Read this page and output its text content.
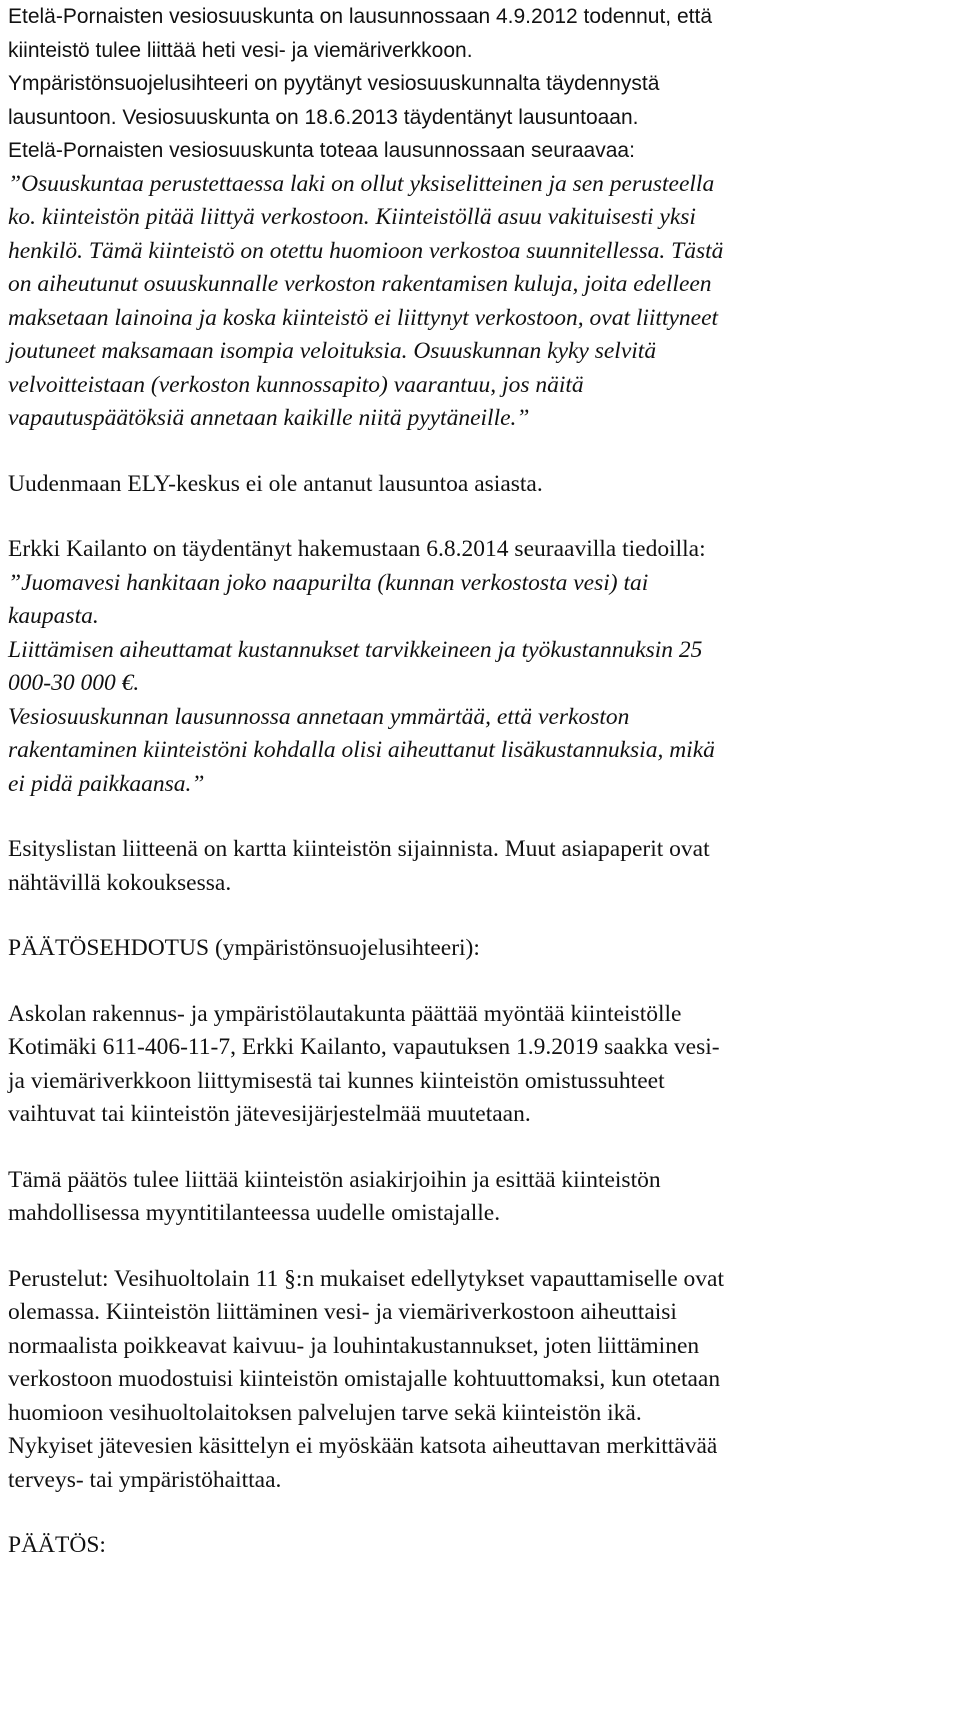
Etelä-Pornaisten vesiosuuskunta on lausunnossaan 4.9.2012 todennut, että
kiinteistö tulee liittää heti vesi- ja viemäriverkkoon.
Ympäristönsuojelusihteeri on pyytänyt vesiosuuskunnalta täydennystä
lausuntoon. Vesiosuuskunta on 18.6.2013 täydentänyt lausuntoaan.
Etelä-Pornaisten vesiosuuskunta toteaa lausunnossaan seuraavaa:
”Osuuskuntaa perustettaessa laki on ollut yksiselitteinen ja sen perusteella
ko. kiinteistön pitää liittyä verkostoon. Kiinteistöllä asuu vakituisesti yksi
henkilö. Tämä kiinteistö on otettu huomioon verkostoa suunnitellessa. Tästä
on aiheutunut osuuskunnalle verkoston rakentamisen kuluja, joita edelleen
maksetaan lainoina ja koska kiinteistö ei liittynyt verkostoon, ovat liittyneet
joutuneet maksamaan isompia veloituksia. Osuuskunnan kyky selvitä
velvoitteistaan (verkoston kunnossapito) vaarantuu, jos näitä
vapautuspäätöksiä annetaan kaikille niitä pyytäneille.”
Uudenmaan ELY-keskus ei ole antanut lausuntoa asiasta.
Erkki Kailanto on täydentänyt hakemustaan 6.8.2014 seuraavilla tiedoilla:
”Juomavesi hankitaan joko naapurilta (kunnan verkostosta vesi) tai
kaupasta.
Liittämisen aiheuttamat kustannukset tarvikkeineen ja työkustannuksin 25
000-30 000 €.
Vesiosuuskunnan lausunnossa annetaan ymmärtää, että verkoston
rakentaminen kiinteistöni kohdalla olisi aiheuttanut lisäkustannuksia, mikä
ei pidä paikkaansa.”
Esityslistan liitteenä on kartta kiinteistön sijainnista. Muut asiapaperit ovat
nähtävillä kokouksessa.
PÄÄTÖSEHDOTUS (ympäristönsuojelusihteeri):
Askolan rakennus- ja ympäristölautakunta päättää myöntää kiinteistölle
Kotimäki 611-406-11-7, Erkki Kailanto, vapautuksen 1.9.2019 saakka vesi-
ja viemäriverkkoon liittymisestä tai kunnes kiinteistön omistussuhteet
vaihtuvat tai kiinteistön jätevesijärjestelmää muutetaan.
Tämä päätös tulee liittää kiinteistön asiakirjoihin ja esittää kiinteistön
mahdollisessa myyntitilanteessa uudelle omistajalle.
Perustelut: Vesihuoltolain 11 §:n mukaiset edellytykset vapauttamiselle ovat
olemassa. Kiinteistön liittäminen vesi- ja viemäriverkostoon aiheuttaisi
normaalista poikkeavat kaivuu- ja louhintakustannukset, joten liittäminen
verkostoon muodostuisi kiinteistön omistajalle kohtuuttomaksi, kun otetaan
huomioon vesihuoltolaitoksen palvelujen tarve sekä kiinteistön ikä.
Nykyiset jätevesien käsittelyn ei myöskään katsota aiheuttavan merkittävää
terveys- tai ympäristöhaittaa.
PÄÄTÖS:
